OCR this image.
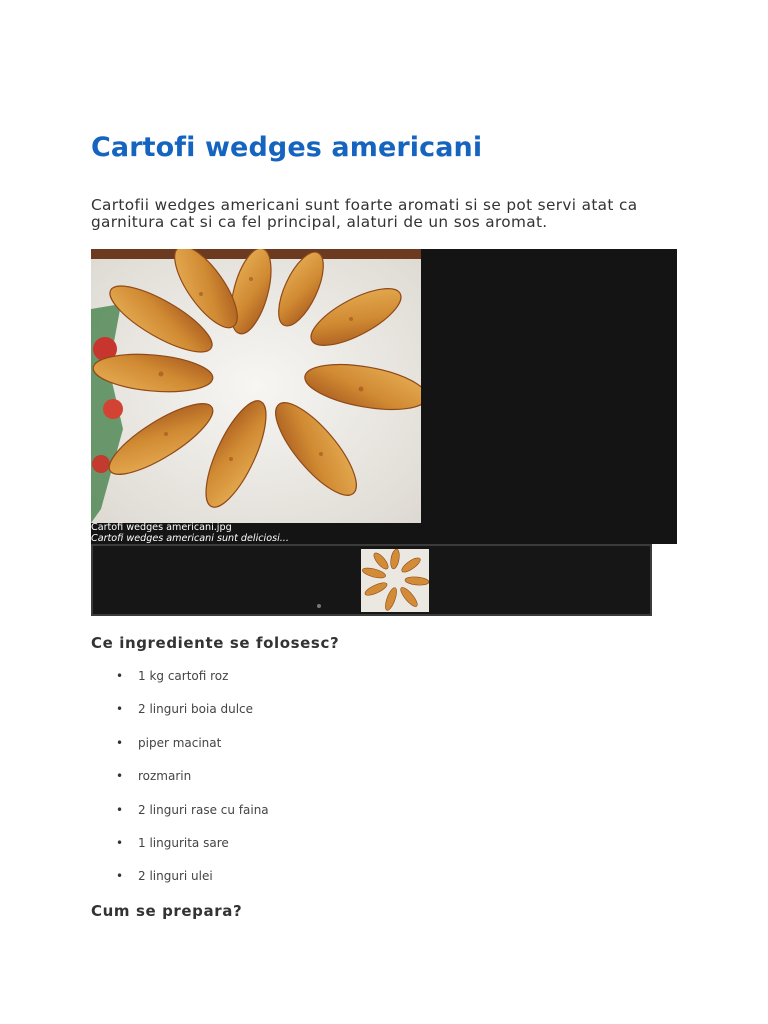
Cartofi wedges americani

Cartofii wedges americani sunt foarte aromati si se pot servi atat ca garnitura cat si ca fel principal, alaturi de un sos aromat.

Cartofi wedges americani.jpg
Cartofi wedges americani sunt deliciosi...
Ce ingrediente se folosesc?
• 1 kg cartofi roz
• 2 linguri boia dulce
• piper macinat
• rozmarin
• 2 linguri rase cu faina
• 1 lingurita sare
• 2 linguri ulei
Cum se prepara?
